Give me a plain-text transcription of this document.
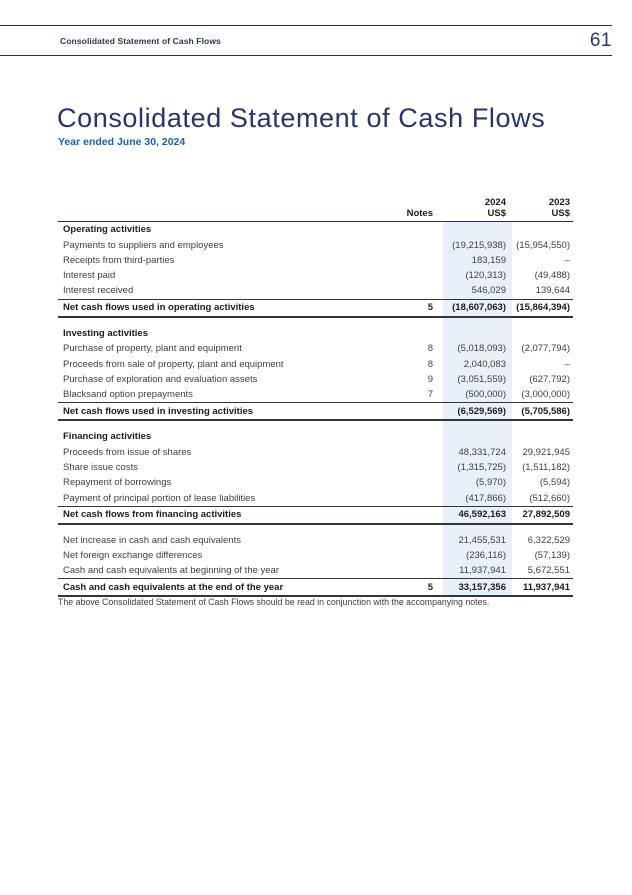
Consolidated Statement of Cash Flows	61
Consolidated Statement of Cash Flows
Year ended June 30, 2024
Notes
2024
US$
2023
US$
Operating activities
Payments to suppliers and employees	(19,215,938)	(15,954,550)
Receipts from third-parties	183,159	–
Interest paid	(120,313)	(49,488)
Interest received	546,029	139,644
Net cash flows used in operating activities	5	(18,607,063)	(15,864,394)
Investing activities
Purchase of property, plant and equipment	8	(5,018,093)	(2,077,794)
Proceeds from sale of property, plant and equipment	8	2,040,083	–
Purchase of exploration and evaluation assets	9	(3,051,559)	(627,792)
Blacksand option prepayments	7	(500,000)	(3,000,000)
Net cash flows used in investing activities	(6,529,569)	(5,705,586)
Financing activities
Proceeds from issue of shares	48,331,724	29,921,945
Share issue costs	(1,315,725)	(1,511,182)
Repayment of borrowings	(5,970)	(5,594)
Payment of principal portion of lease liabilities	(417,866)	(512,660)
Net cash flows from financing activities	46,592,163	27,892,509
Net increase in cash and cash equivalents	21,455,531	6,322,529
Net foreign exchange differences	(236,116)	(57,139)
Cash and cash equivalents at beginning of the year	11,937,941	5,672,551
Cash and cash equivalents at the end of the year	5	33,157,356	11,937,941
The above Consolidated Statement of Cash Flows should be read in conjunction with the accompanying notes.
